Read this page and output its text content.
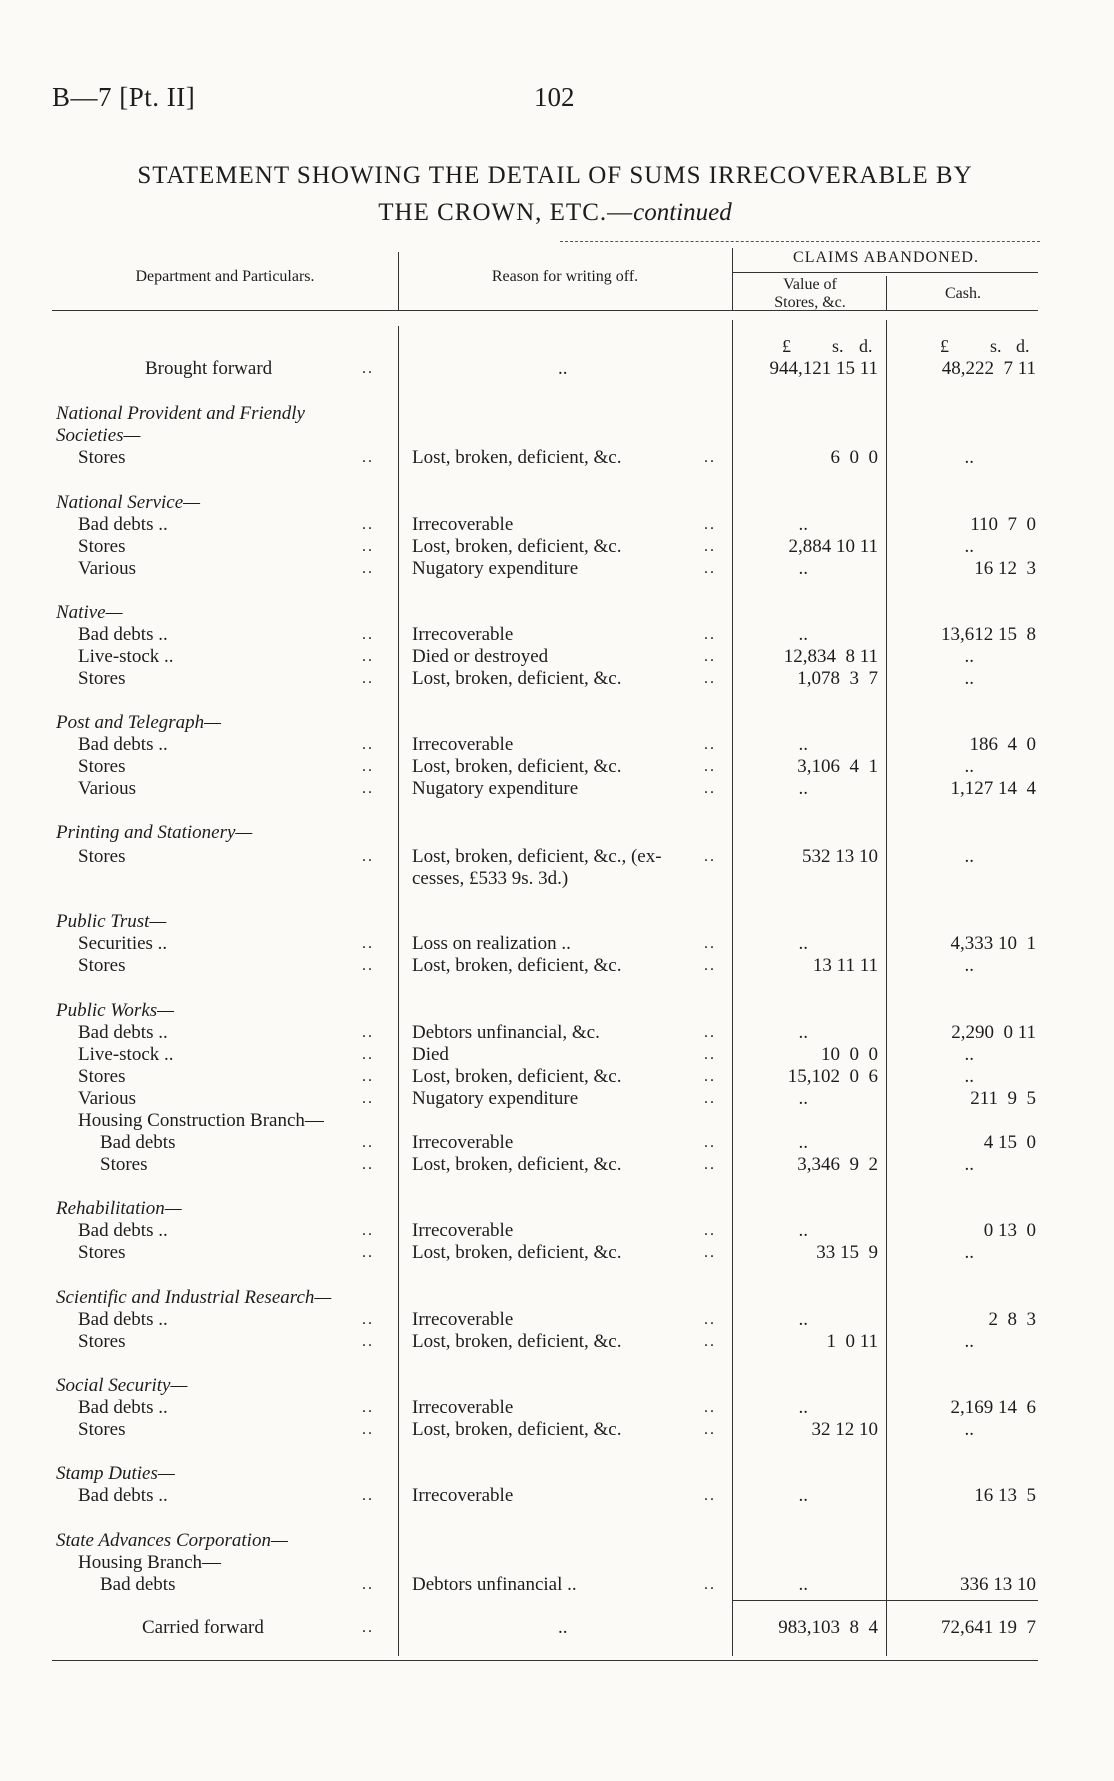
B—7 [Pt. II]	102
STATEMENT SHOWING THE DETAIL OF SUMS IRRECOVERABLE BY
THE CROWN, ETC.—continued
Department and Particulars.	Reason for writing off.
CLAIMS ABANDONED.
Value of
Stores, &c.
Cash.
£ s. d.	£ s. d.
Brought forward	..	..	944,121 15 11	48,222  7 11
National Provident and Friendly
Societies—
Stores	.. Lost, broken, deficient, &c.	..	6  0  0	..
National Service—
Bad debts ..	.. Irrecoverable	..	..	110  7  0
Stores	.. Lost, broken, deficient, &c.	..	2,884 10 11	..
Various	.. Nugatory expenditure	..	..	16 12  3
Native—
Bad debts ..	.. Irrecoverable	..	..	13,612 15  8
Live-stock ..	.. Died or destroyed	..	12,834  8 11	..
Stores	.. Lost, broken, deficient, &c.	..	1,078  3  7	..
Post and Telegraph—
Bad debts ..	.. Irrecoverable	..	..	186  4  0
Stores	.. Lost, broken, deficient, &c.	..	3,106  4  1	..
Various	.. Nugatory expenditure	..	..	1,127 14  4
Printing and Stationery—
Stores	.. Lost, broken, deficient, &c., (ex-	..	532 13 10	..
cesses, £533 9s. 3d.)
Public Trust—
Securities ..	.. Loss on realization ..	..	..	4,333 10  1
Stores	.. Lost, broken, deficient, &c.	..	13 11 11	..
Public Works—
Bad debts ..	.. Debtors unfinancial, &c.	..	..	2,290  0 11
Live-stock ..	.. Died	..	10  0  0	..
Stores	.. Lost, broken, deficient, &c.	..	15,102  0  6	..
Various	.. Nugatory expenditure	..	..	211  9  5
Housing Construction Branch—
Bad debts	.. Irrecoverable	..	..	4 15  0
Stores	.. Lost, broken, deficient, &c.	..	3,346  9  2	..
Rehabilitation—
Bad debts ..	.. Irrecoverable	..	..	0 13  0
Stores	.. Lost, broken, deficient, &c.	..	33 15  9	..
Scientific and Industrial Research—
Bad debts ..	.. Irrecoverable	..	..	2  8  3
Stores	.. Lost, broken, deficient, &c.	..	1  0 11	..
Social Security—
Bad debts ..	.. Irrecoverable	..	..	2,169 14  6
Stores	.. Lost, broken, deficient, &c.	..	32 12 10	..
Stamp Duties—
Bad debts ..	.. Irrecoverable	..	..	16 13  5
State Advances Corporation—
Housing Branch—
Bad debts	.. Debtors unfinancial ..	..	..	336 13 10
Carried forward	..	..	983,103  8  4	72,641 19  7
